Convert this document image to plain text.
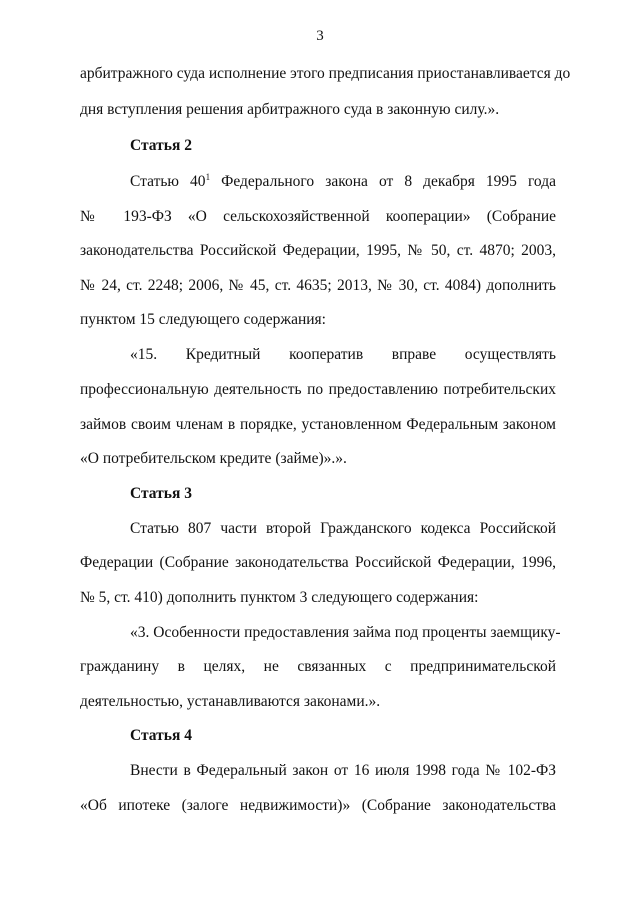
3
арбитражного суда исполнение этого предписания приостанавливается до
дня вступления решения арбитражного суда в законную силу.».
Статья 2
Статью $40^1$ Федерального закона от 8 декабря 1995 года
№ 193-ФЗ «О сельскохозяйственной кооперации» (Собрание
законодательства Российской Федерации, 1995, № 50, ст. 4870; 2003,
№ 24, ст. 2248; 2006, № 45, ст. 4635; 2013, № 30, ст. 4084) дополнить
пунктом 15 следующего содержания:
«15. Кредитный кооператив вправе осуществлять
профессиональную деятельность по предоставлению потребительских
займов своим членам в порядке, установленном Федеральным законом
«О потребительском кредите (займе)».».
Статья 3
Статью 807 части второй Гражданского кодекса Российской
Федерации (Собрание законодательства Российской Федерации, 1996,
№ 5, ст. 410) дополнить пунктом 3 следующего содержания:
«3. Особенности предоставления займа под проценты заемщику-
гражданину в целях, не связанных с предпринимательской
деятельностью, устанавливаются законами.».
Статья 4
Внести в Федеральный закон от 16 июля 1998 года № 102-ФЗ
«Об ипотеке (залоге недвижимости)» (Собрание законодательства
